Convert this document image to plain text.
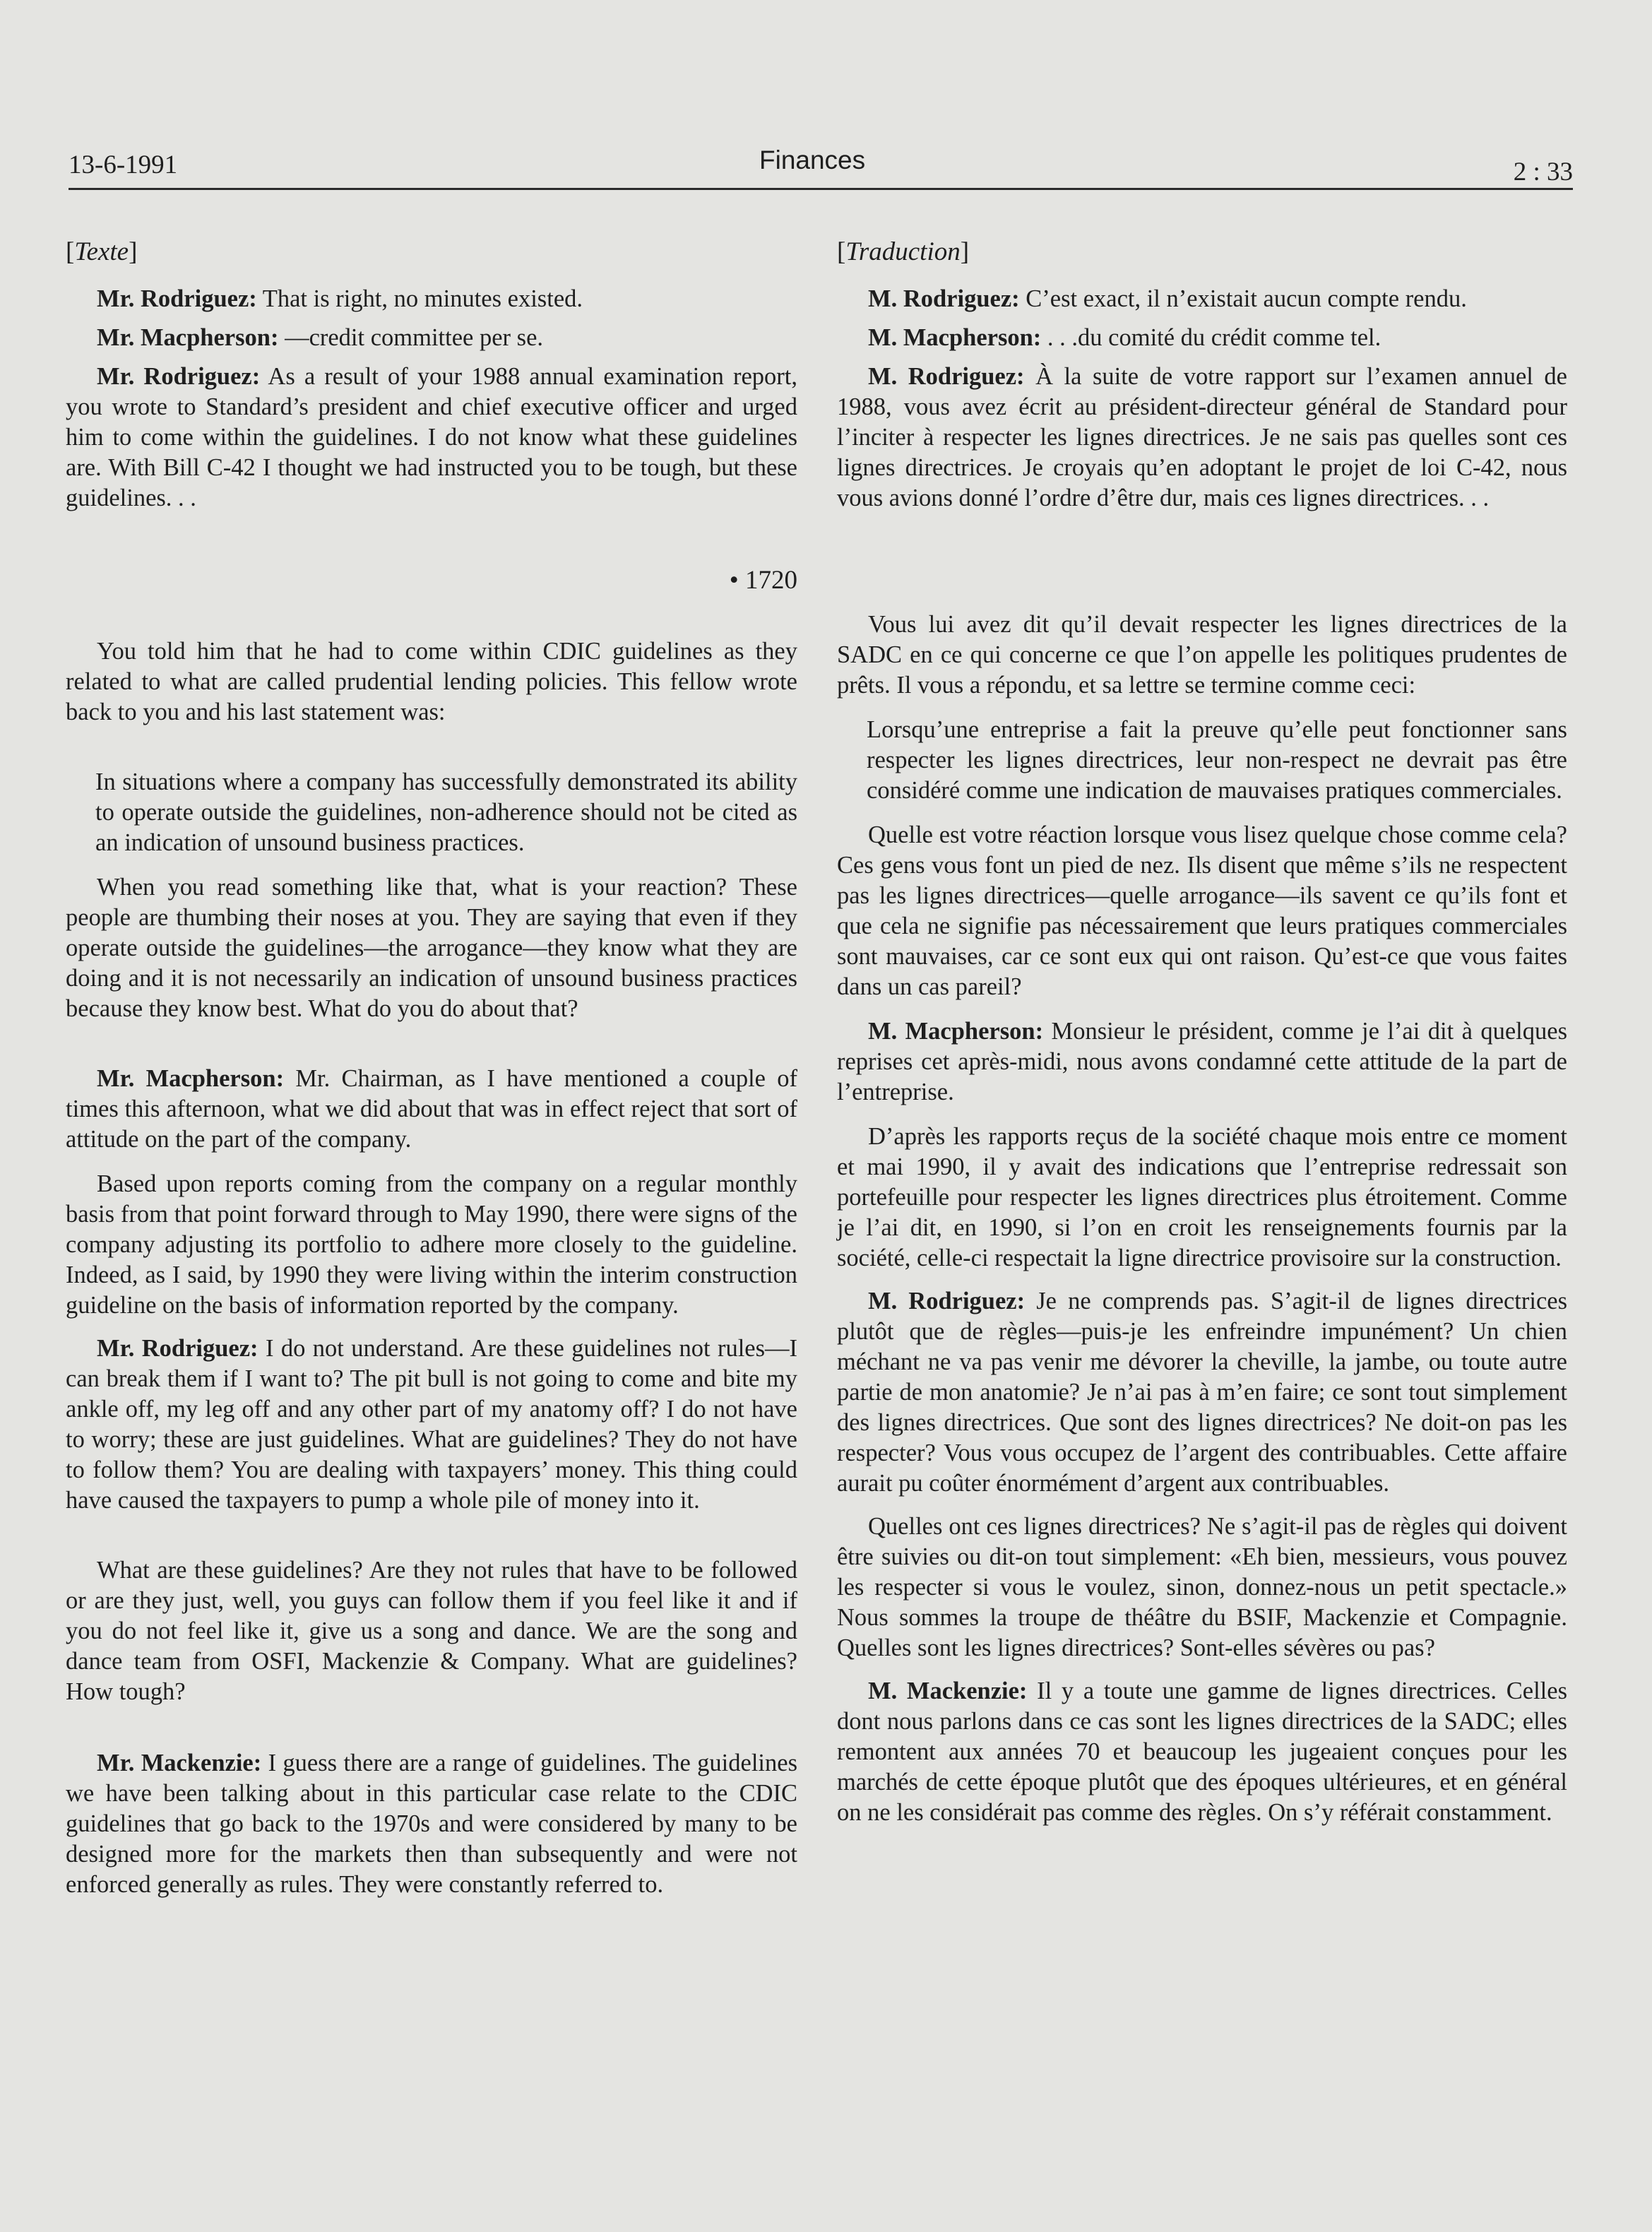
13-6-1991	Finances	2 : 33

[Texte]

Mr. Rodriguez: That is right, no minutes existed.

Mr. Macpherson: —credit committee per se.

Mr. Rodriguez: As a result of your 1988 annual examination report, you wrote to Standard’s president and chief executive officer and urged him to come within the guidelines. I do not know what these guidelines are. With Bill C-42 I thought we had instructed you to be tough, but these guidelines. . .

• 1720

You told him that he had to come within CDIC guidelines as they related to what are called prudential lending policies. This fellow wrote back to you and his last statement was:

In situations where a company has successfully demonstrated its ability to operate outside the guidelines, non-adherence should not be cited as an indication of unsound business practices.

When you read something like that, what is your reaction? These people are thumbing their noses at you. They are saying that even if they operate outside the guidelines—the arrogance—they know what they are doing and it is not necessarily an indication of unsound business practices because they know best. What do you do about that?

Mr. Macpherson: Mr. Chairman, as I have mentioned a couple of times this afternoon, what we did about that was in effect reject that sort of attitude on the part of the company.

Based upon reports coming from the company on a regular monthly basis from that point forward through to May 1990, there were signs of the company adjusting its portfolio to adhere more closely to the guideline. Indeed, as I said, by 1990 they were living within the interim construction guideline on the basis of information reported by the company.

Mr. Rodriguez: I do not understand. Are these guidelines not rules—I can break them if I want to? The pit bull is not going to come and bite my ankle off, my leg off and any other part of my anatomy off? I do not have to worry; these are just guidelines. What are guidelines? They do not have to follow them? You are dealing with taxpayers’ money. This thing could have caused the taxpayers to pump a whole pile of money into it.

What are these guidelines? Are they not rules that have to be followed or are they just, well, you guys can follow them if you feel like it and if you do not feel like it, give us a song and dance. We are the song and dance team from OSFI, Mackenzie & Company. What are guidelines? How tough?

Mr. Mackenzie: I guess there are a range of guidelines. The guidelines we have been talking about in this particular case relate to the CDIC guidelines that go back to the 1970s and were considered by many to be designed more for the markets then than subsequently and were not enforced generally as rules. They were constantly referred to.

[Traduction]

M. Rodriguez: C’est exact, il n’existait aucun compte rendu.

M. Macpherson: . . .du comité du crédit comme tel.

M. Rodriguez: À la suite de votre rapport sur l’examen annuel de 1988, vous avez écrit au président-directeur général de Standard pour l’inciter à respecter les lignes directrices. Je ne sais pas quelles sont ces lignes directrices. Je croyais qu’en adoptant le projet de loi C-42, nous vous avions donné l’ordre d’être dur, mais ces lignes directrices. . .

Vous lui avez dit qu’il devait respecter les lignes directrices de la SADC en ce qui concerne ce que l’on appelle les politiques prudentes de prêts. Il vous a répondu, et sa lettre se termine comme ceci:

Lorsqu’une entreprise a fait la preuve qu’elle peut fonctionner sans respecter les lignes directrices, leur non-respect ne devrait pas être considéré comme une indication de mauvaises pratiques commerciales.

Quelle est votre réaction lorsque vous lisez quelque chose comme cela? Ces gens vous font un pied de nez. Ils disent que même s’ils ne respectent pas les lignes directrices—quelle arrogance—ils savent ce qu’ils font et que cela ne signifie pas nécessairement que leurs pratiques commerciales sont mauvaises, car ce sont eux qui ont raison. Qu’est-ce que vous faites dans un cas pareil?

M. Macpherson: Monsieur le président, comme je l’ai dit à quelques reprises cet après-midi, nous avons condamné cette attitude de la part de l’entreprise.

D’après les rapports reçus de la société chaque mois entre ce moment et mai 1990, il y avait des indications que l’entreprise redressait son portefeuille pour respecter les lignes directrices plus étroitement. Comme je l’ai dit, en 1990, si l’on en croit les renseignements fournis par la société, celle-ci respectait la ligne directrice provisoire sur la construction.

M. Rodriguez: Je ne comprends pas. S’agit-il de lignes directrices plutôt que de règles—puis-je les enfreindre impunément? Un chien méchant ne va pas venir me dévorer la cheville, la jambe, ou toute autre partie de mon anatomie? Je n’ai pas à m’en faire; ce sont tout simplement des lignes directrices. Que sont des lignes directrices? Ne doit-on pas les respecter? Vous vous occupez de l’argent des contribuables. Cette affaire aurait pu coûter énormément d’argent aux contribuables.

Quelles ont ces lignes directrices? Ne s’agit-il pas de règles qui doivent être suivies ou dit-on tout simplement: «Eh bien, messieurs, vous pouvez les respecter si vous le voulez, sinon, donnez-nous un petit spectacle.» Nous sommes la troupe de théâtre du BSIF, Mackenzie et Compagnie. Quelles sont les lignes directrices? Sont-elles sévères ou pas?

M. Mackenzie: Il y a toute une gamme de lignes directrices. Celles dont nous parlons dans ce cas sont les lignes directrices de la SADC; elles remontent aux années 70 et beaucoup les jugeaient conçues pour les marchés de cette époque plutôt que des époques ultérieures, et en général on ne les considérait pas comme des règles. On s’y référait constamment.
